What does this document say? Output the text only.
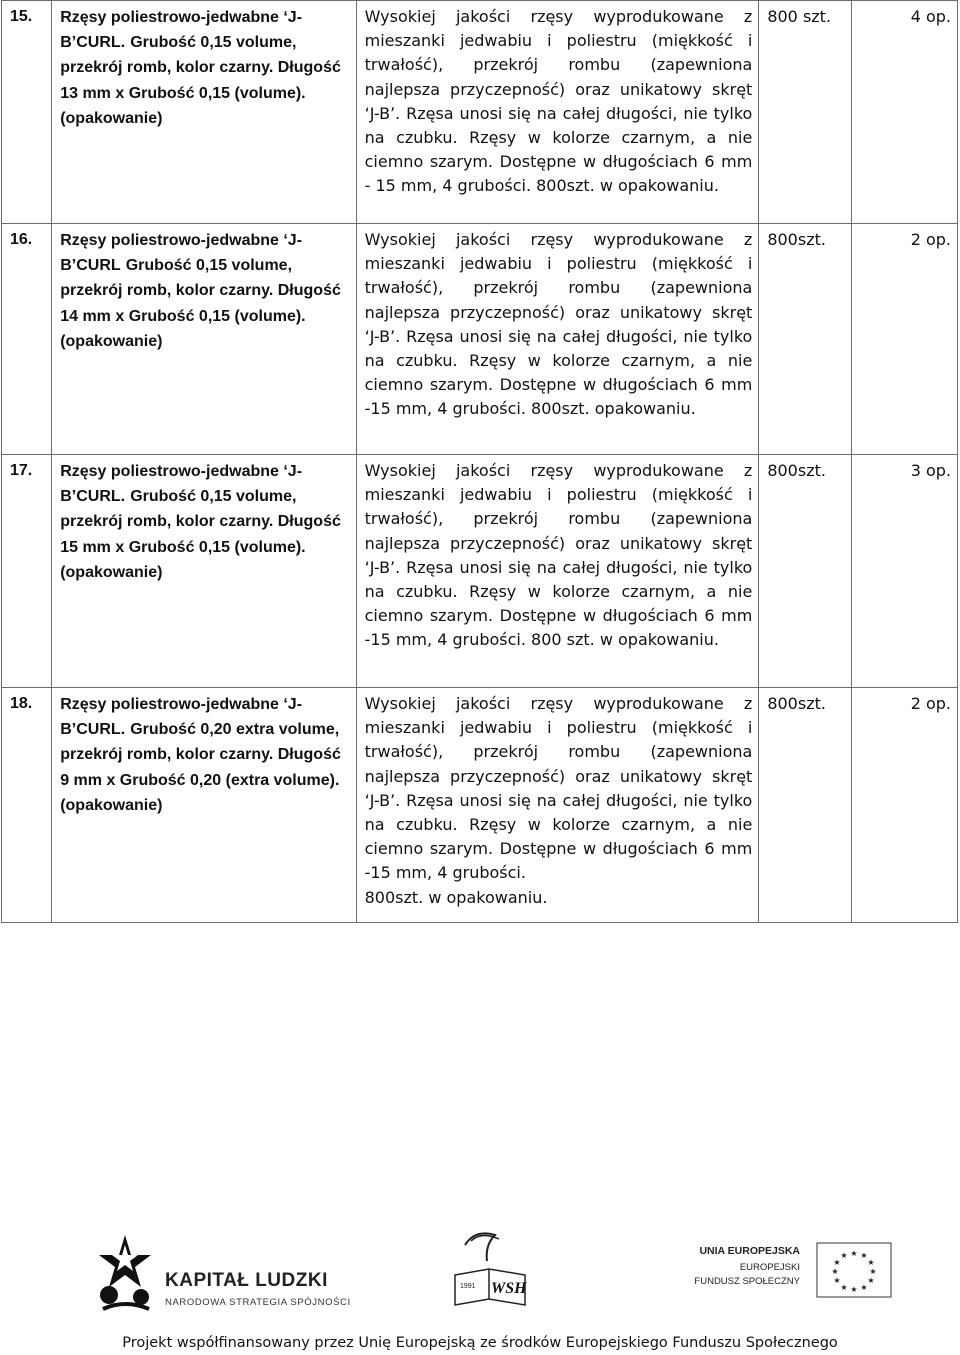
15.	Rzęsy poliestrowo-jedwabne ‘J-B’CURL. Grubość 0,15 volume, przekrój romb, kolor czarny. Długość 13 mm x Grubość 0,15 (volume). (opakowanie)	Wysokiej jakości rzęsy wyprodukowane z mieszanki jedwabiu i poliestru (miękkość i trwałość), przekrój rombu (zapewniona najlepsza przyczepność) oraz unikatowy skręt ‘J-B’. Rzęsa unosi się na całej długości, nie tylko na czubku. Rzęsy w kolorze czarnym, a nie ciemno szarym. Dostępne w długościach 6 mm - 15 mm, 4 grubości. 800szt. w opakowaniu.	800 szt.	4 op.
16.	Rzęsy poliestrowo-jedwabne ‘J-B’CURL Grubość 0,15 volume, przekrój romb, kolor czarny. Długość 14 mm x Grubość 0,15 (volume). (opakowanie)	Wysokiej jakości rzęsy wyprodukowane z mieszanki jedwabiu i poliestru (miękkość i trwałość), przekrój rombu (zapewniona najlepsza przyczepność) oraz unikatowy skręt ‘J-B’. Rzęsa unosi się na całej długości, nie tylko na czubku. Rzęsy w kolorze czarnym, a nie ciemno szarym. Dostępne w długościach 6 mm -15 mm, 4 grubości. 800szt. opakowaniu.	800szt.	2 op.
17.	Rzęsy poliestrowo-jedwabne ‘J-B’CURL. Grubość 0,15 volume, przekrój romb, kolor czarny. Długość 15 mm x Grubość 0,15 (volume). (opakowanie)	Wysokiej jakości rzęsy wyprodukowane z mieszanki jedwabiu i poliestru (miękkość i trwałość), przekrój rombu (zapewniona najlepsza przyczepność) oraz unikatowy skręt ‘J-B’. Rzęsa unosi się na całej długości, nie tylko na czubku. Rzęsy w kolorze czarnym, a nie ciemno szarym. Dostępne w długościach 6 mm -15 mm, 4 grubości. 800 szt. w opakowaniu.	800szt.	3 op.
18.	Rzęsy poliestrowo-jedwabne ‘J-B’CURL. Grubość 0,20 extra volume, przekrój romb, kolor czarny. Długość 9 mm x Grubość 0,20 (extra volume). (opakowanie)	Wysokiej jakości rzęsy wyprodukowane z mieszanki jedwabiu i poliestru (miękkość i trwałość), przekrój rombu (zapewniona najlepsza przyczepność) oraz unikatowy skręt ‘J-B’. Rzęsa unosi się na całej długości, nie tylko na czubku. Rzęsy w kolorze czarnym, a nie ciemno szarym. Dostępne w długościach 6 mm -15 mm, 4 grubości.
800szt. w opakowaniu.	800szt.	2 op.
KAPITAŁ LUDZKI
NARODOWA STRATEGIA SPÓJNOŚCI
1991 WSH
UNIA EUROPEJSKA
EUROPEJSKI
FUNDUSZ SPOŁECZNY
★ ★
★
★
★
★
★
★
★
★
★
★
Projekt współfinansowany przez Unię Europejską ze środków Europejskiego Funduszu Społecznego
